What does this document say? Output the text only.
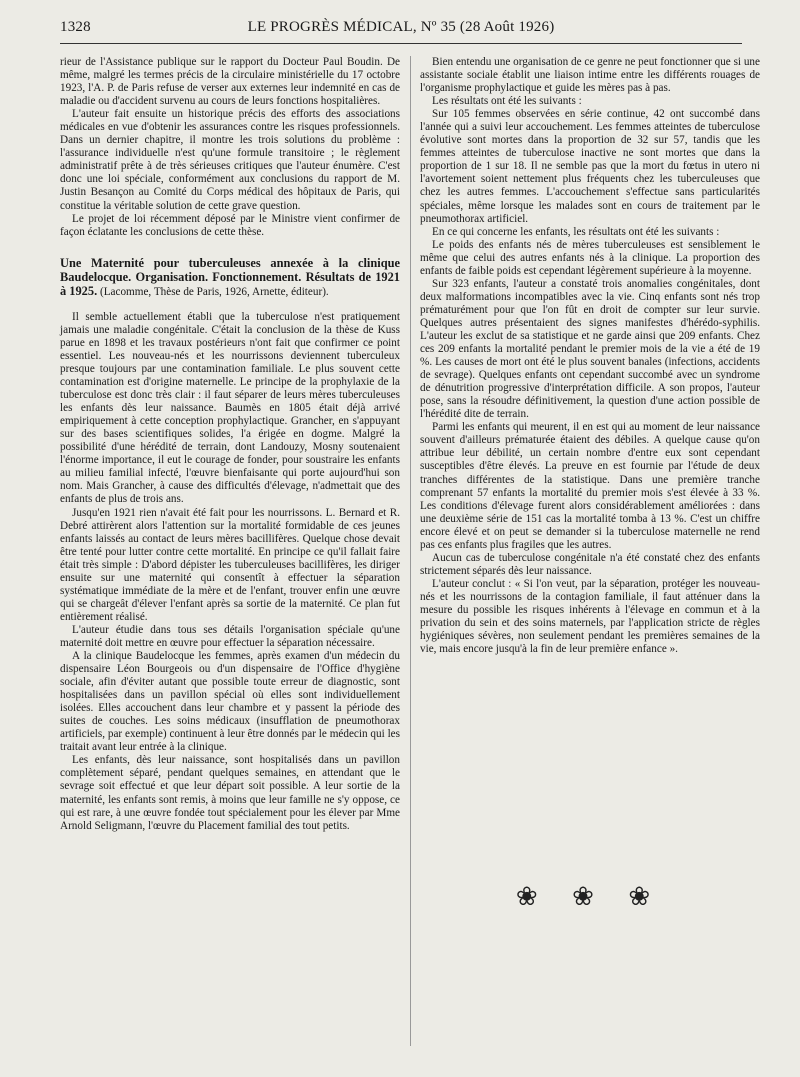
1328	LE PROGRÈS MÉDICAL, Nº 35 (28 Août 1926)

rieur de l'Assistance publique sur le rapport du Docteur Paul Boudin. De même, malgré les termes précis de la circulaire ministérielle du 17 octobre 1923, l'A. P. de Paris refuse de verser aux externes leur indemnité en cas de maladie ou d'accident survenu au cours de leurs fonctions hospitalières.

L'auteur fait ensuite un historique précis des efforts des associations médicales en vue d'obtenir les assurances contre les risques professionnels. Dans un dernier chapitre, il montre les trois solutions du problème : l'assurance individuelle n'est qu'une formule transitoire ; le règlement administratif prête à de très sérieuses critiques que l'auteur énumère. C'est donc une loi spéciale, conformément aux conclusions du rapport de M. Justin Besançon au Comité du Corps médical des hôpitaux de Paris, qui constitue la véritable solution de cette grave question.

Le projet de loi récemment déposé par le Ministre vient confirmer de façon éclatante les conclusions de cette thèse.

Une Maternité pour tuberculeuses annexée à la clinique Baudelocque. Organisation. Fonctionnement. Résultats de 1921 à 1925. (Lacomme, Thèse de Paris, 1926, Arnette, éditeur).

Il semble actuellement établi que la tuberculose n'est pratiquement jamais une maladie congénitale. C'était la conclusion de la thèse de Kuss parue en 1898 et les travaux postérieurs n'ont fait que confirmer ce point essentiel. Les nouveau-nés et les nourrissons deviennent tuberculeux presque toujours par une contamination familiale. Le plus souvent cette contamination est d'origine maternelle. Le principe de la prophylaxie de la tuberculose est donc très clair : il faut séparer de leurs mères tuberculeuses les enfants dès leur naissance. Baumès en 1805 était déjà arrivé empiriquement à cette conception prophylactique. Grancher, en s'appuyant sur des bases scientifiques solides, l'a érigée en dogme. Malgré la possibilité d'une hérédité de terrain, dont Landouzy, Mosny soutenaient l'énorme importance, il eut le courage de fonder, pour soustraire les enfants au milieu familial infecté, l'œuvre bienfaisante qui porte aujourd'hui son nom. Mais Grancher, à cause des difficultés d'élevage, n'admettait que des enfants de plus de trois ans.

Jusqu'en 1921 rien n'avait été fait pour les nourrissons. L. Bernard et R. Debré attirèrent alors l'attention sur la mortalité formidable de ces jeunes enfants laissés au contact de leurs mères bacillifères. Quelque chose devait être tenté pour lutter contre cette mortalité. En principe ce qu'il fallait faire était très simple : D'abord dépister les tuberculeuses bacillifères, les diriger ensuite sur une maternité qui consentît à effectuer la séparation systématique immédiate de la mère et de l'enfant, trouver enfin une œuvre qui se chargeât d'élever l'enfant après sa sortie de la maternité. Ce plan fut entièrement réalisé.

L'auteur étudie dans tous ses détails l'organisation spéciale qu'une maternité doit mettre en œuvre pour effectuer la séparation nécessaire.

A la clinique Baudelocque les femmes, après examen d'un médecin du dispensaire Léon Bourgeois ou d'un dispensaire de l'Office d'hygiène sociale, afin d'éviter autant que possible toute erreur de diagnostic, sont hospitalisées dans un pavillon spécial où elles sont individuellement isolées. Elles accouchent dans leur chambre et y passent la période des suites de couches. Les soins médicaux (insufflation de pneumothorax artificiels, par exemple) continuent à leur être donnés par le médecin qui les traitait avant leur entrée à la clinique.

Les enfants, dès leur naissance, sont hospitalisés dans un pavillon complètement séparé, pendant quelques semaines, en attendant que le sevrage soit effectué et que leur départ soit possible. A leur sortie de la maternité, les enfants sont remis, à moins que leur famille ne s'y oppose, ce qui est rare, à une œuvre fondée tout spécialement pour les élever par Mme Arnold Seligmann, l'œuvre du Placement familial des tout petits.

Bien entendu une organisation de ce genre ne peut fonctionner que si une assistante sociale établit une liaison intime entre les différents rouages de l'organisme prophylactique et guide les mères pas à pas.

Les résultats ont été les suivants :

Sur 105 femmes observées en série continue, 42 ont succombé dans l'année qui a suivi leur accouchement. Les femmes atteintes de tuberculose évolutive sont mortes dans la proportion de 32 sur 57, tandis que les femmes atteintes de tuberculose inactive ne sont mortes que dans la proportion de 1 sur 18. Il ne semble pas que la mort du fœtus in utero ni l'avortement soient nettement plus fréquents chez les tuberculeuses que chez les autres femmes. L'accouchement s'effectue sans particularités spéciales, même lorsque les malades sont en cours de traitement par le pneumothorax artificiel.

En ce qui concerne les enfants, les résultats ont été les suivants :

Le poids des enfants nés de mères tuberculeuses est sensiblement le même que celui des autres enfants nés à la clinique. La proportion des enfants de faible poids est cependant légèrement supérieure à la moyenne.

Sur 323 enfants, l'auteur a constaté trois anomalies congénitales, dont deux malformations incompatibles avec la vie. Cinq enfants sont nés trop prématurément pour que l'on fût en droit de compter sur leur survie. Quelques autres présentaient des signes manifestes d'hérédo-syphilis. L'auteur les exclut de sa statistique et ne garde ainsi que 209 enfants. Chez ces 209 enfants la mortalité pendant le premier mois de la vie a été de 19 %. Les causes de mort ont été le plus souvent banales (infections, accidents de sevrage). Quelques enfants ont cependant succombé avec un syndrome de dénutrition progressive d'interprétation difficile. A son propos, l'auteur pose, sans la résoudre définitivement, la question d'une action possible de l'hérédité dite de terrain.

Parmi les enfants qui meurent, il en est qui au moment de leur naissance souvent d'ailleurs prématurée étaient des débiles. A quelque cause qu'on attribue leur débilité, un certain nombre d'entre eux sont cependant susceptibles d'être élevés. La preuve en est fournie par l'étude de deux tranches différentes de la statistique. Dans une première tranche comprenant 57 enfants la mortalité du premier mois s'est élevée à 33 %. Les conditions d'élevage furent alors considérablement améliorées : dans une deuxième série de 151 cas la mortalité tomba à 13 %. C'est un chiffre encore élevé et on peut se demander si la tuberculose maternelle ne rend pas ces enfants plus fragiles que les autres.

Aucun cas de tuberculose congénitale n'a été constaté chez des enfants strictement séparés dès leur naissance.

L'auteur conclut : « Si l'on veut, par la séparation, protéger les nouveau-nés et les nourrissons de la contagion familiale, il faut atténuer dans la mesure du possible les risques inhérents à l'élevage en commun et à la privation du sein et des soins maternels, par l'application stricte de règles hygiéniques sévères, non seulement pendant les premières semaines de la vie, mais encore jusqu'à la fin de leur première enfance ».

❀ ❀ ❀
